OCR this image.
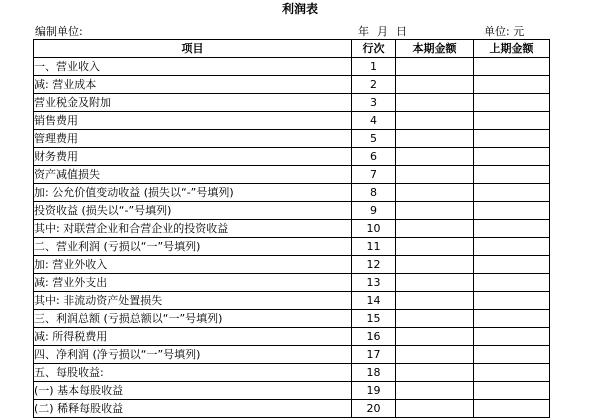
利润表
编制单位:	年 月 日	单位: 元
项目	行次	本期金额	上期金额
一、营业收入	1		
减: 营业成本	2		
营业税金及附加	3		
销售费用	4		
管理费用	5		
财务费用	6		
资产减值损失	7		
加: 公允价值变动收益 (损失以“-”号填列)	8		
投资收益 (损失以“-”号填列)	9		
其中: 对联营企业和合营企业的投资收益	10		
二、营业利润 (亏损以“一”号填列)	11		
加: 营业外收入	12		
减: 营业外支出	13		
其中: 非流动资产处置损失	14		
三、利润总额 (亏损总额以“一”号填列)	15		
减: 所得税费用	16		
四、净利润 (净亏损以“一”号填列)	17		
五、每股收益:	18		
(一) 基本每股收益	19		
(二) 稀释每股收益	20		
